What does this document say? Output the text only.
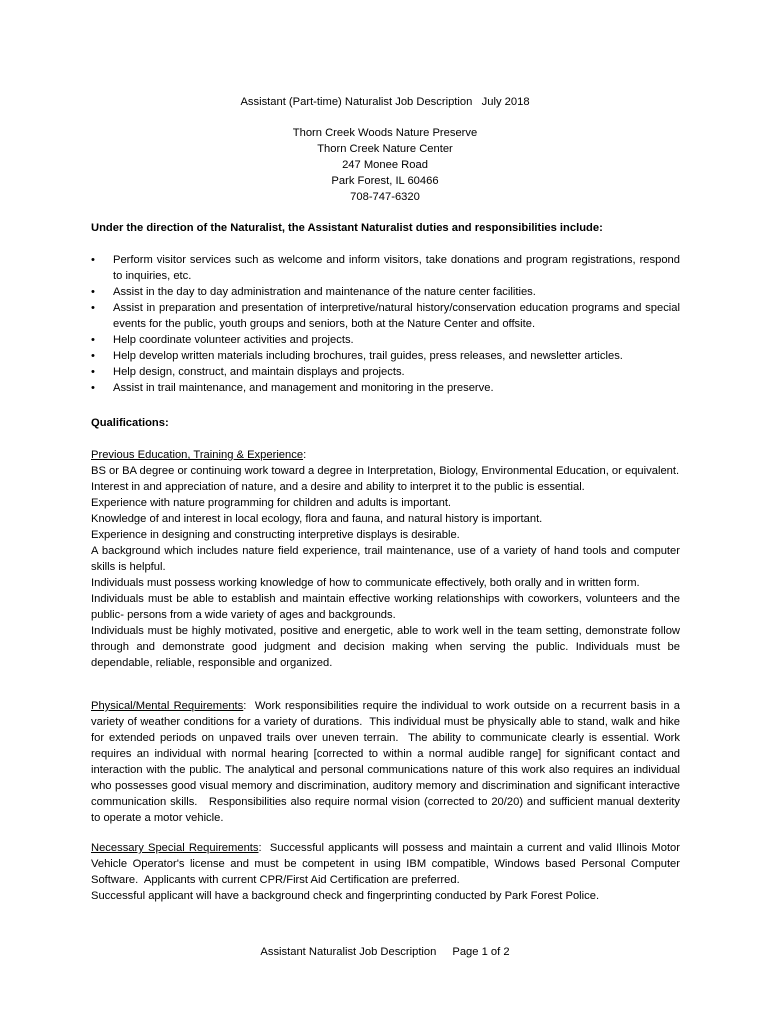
Assistant (Part-time) Naturalist Job Description   July 2018
Thorn Creek Woods Nature Preserve
Thorn Creek Nature Center
247 Monee Road
Park Forest, IL 60466
708-747-6320
Under the direction of the Naturalist, the Assistant Naturalist duties and responsibilities include:
• Perform visitor services such as welcome and inform visitors, take donations and program registrations, respond to inquiries, etc.
• Assist in the day to day administration and maintenance of the nature center facilities.
• Assist in preparation and presentation of interpretive/natural history/conservation education programs and special events for the public, youth groups and seniors, both at the Nature Center and offsite.
• Help coordinate volunteer activities and projects.
• Help develop written materials including brochures, trail guides, press releases, and newsletter articles.
• Help design, construct, and maintain displays and projects.
• Assist in trail maintenance, and management and monitoring in the preserve.
Qualifications:

Previous Education, Training & Experience:

BS or BA degree or continuing work toward a degree in Interpretation, Biology, Environmental Education, or equivalent.

Interest in and appreciation of nature, and a desire and ability to interpret it to the public is essential.

Experience with nature programming for children and adults is important.

Knowledge of and interest in local ecology, flora and fauna, and natural history is important.

Experience in designing and constructing interpretive displays is desirable.

A background which includes nature field experience, trail maintenance, use of a variety of hand tools and computer skills is helpful.

Individuals must possess working knowledge of how to communicate effectively, both orally and in written form.

Individuals must be able to establish and maintain effective working relationships with coworkers, volunteers and the public- persons from a wide variety of ages and backgrounds.

Individuals must be highly motivated, positive and energetic, able to work well in the team setting, demonstrate follow through and demonstrate good judgment and decision making when serving the public. Individuals must be dependable, reliable, responsible and organized.

Physical/Mental Requirements:  Work responsibilities require the individual to work outside on a recurrent basis in a variety of weather conditions for a variety of durations.  This individual must be physically able to stand, walk and hike for extended periods on unpaved trails over uneven terrain.  The ability to communicate clearly is essential. Work requires an individual with normal hearing [corrected to within a normal audible range] for significant contact and interaction with the public. The analytical and personal communications nature of this work also requires an individual who possesses good visual memory and discrimination, auditory memory and discrimination and significant interactive communication skills.   Responsibilities also require normal vision (corrected to 20/20) and sufficient manual dexterity to operate a motor vehicle.

Necessary Special Requirements:  Successful applicants will possess and maintain a current and valid Illinois Motor Vehicle Operator's license and must be competent in using IBM compatible, Windows based Personal Computer Software.  Applicants with current CPR/First Aid Certification are preferred.

Successful applicant will have a background check and fingerprinting conducted by Park Forest Police.

Assistant Naturalist Job Description Page 1 of 2
